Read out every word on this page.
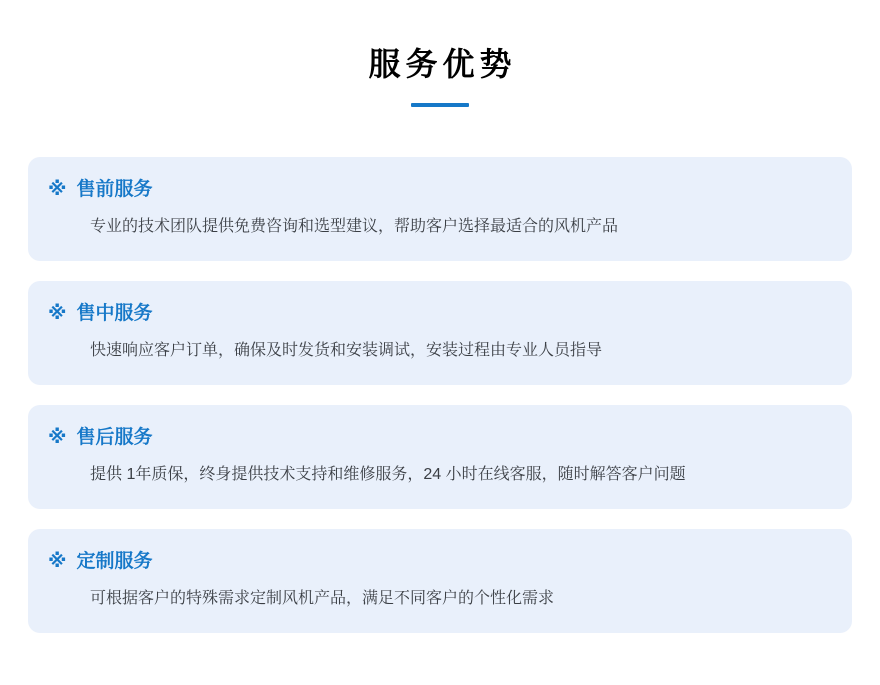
服务优势
※ 售前服务

专业的技术团队提供免费咨询和选型建议，帮助客户选择最适合的风机产品

※ 售中服务

快速响应客户订单，确保及时发货和安装调试，安装过程由专业人员指导

※ 售后服务

提供 1年质保，终身提供技术支持和维修服务，24 小时在线客服，随时解答客户问题

※ 定制服务

可根据客户的特殊需求定制风机产品，满足不同客户的个性化需求
